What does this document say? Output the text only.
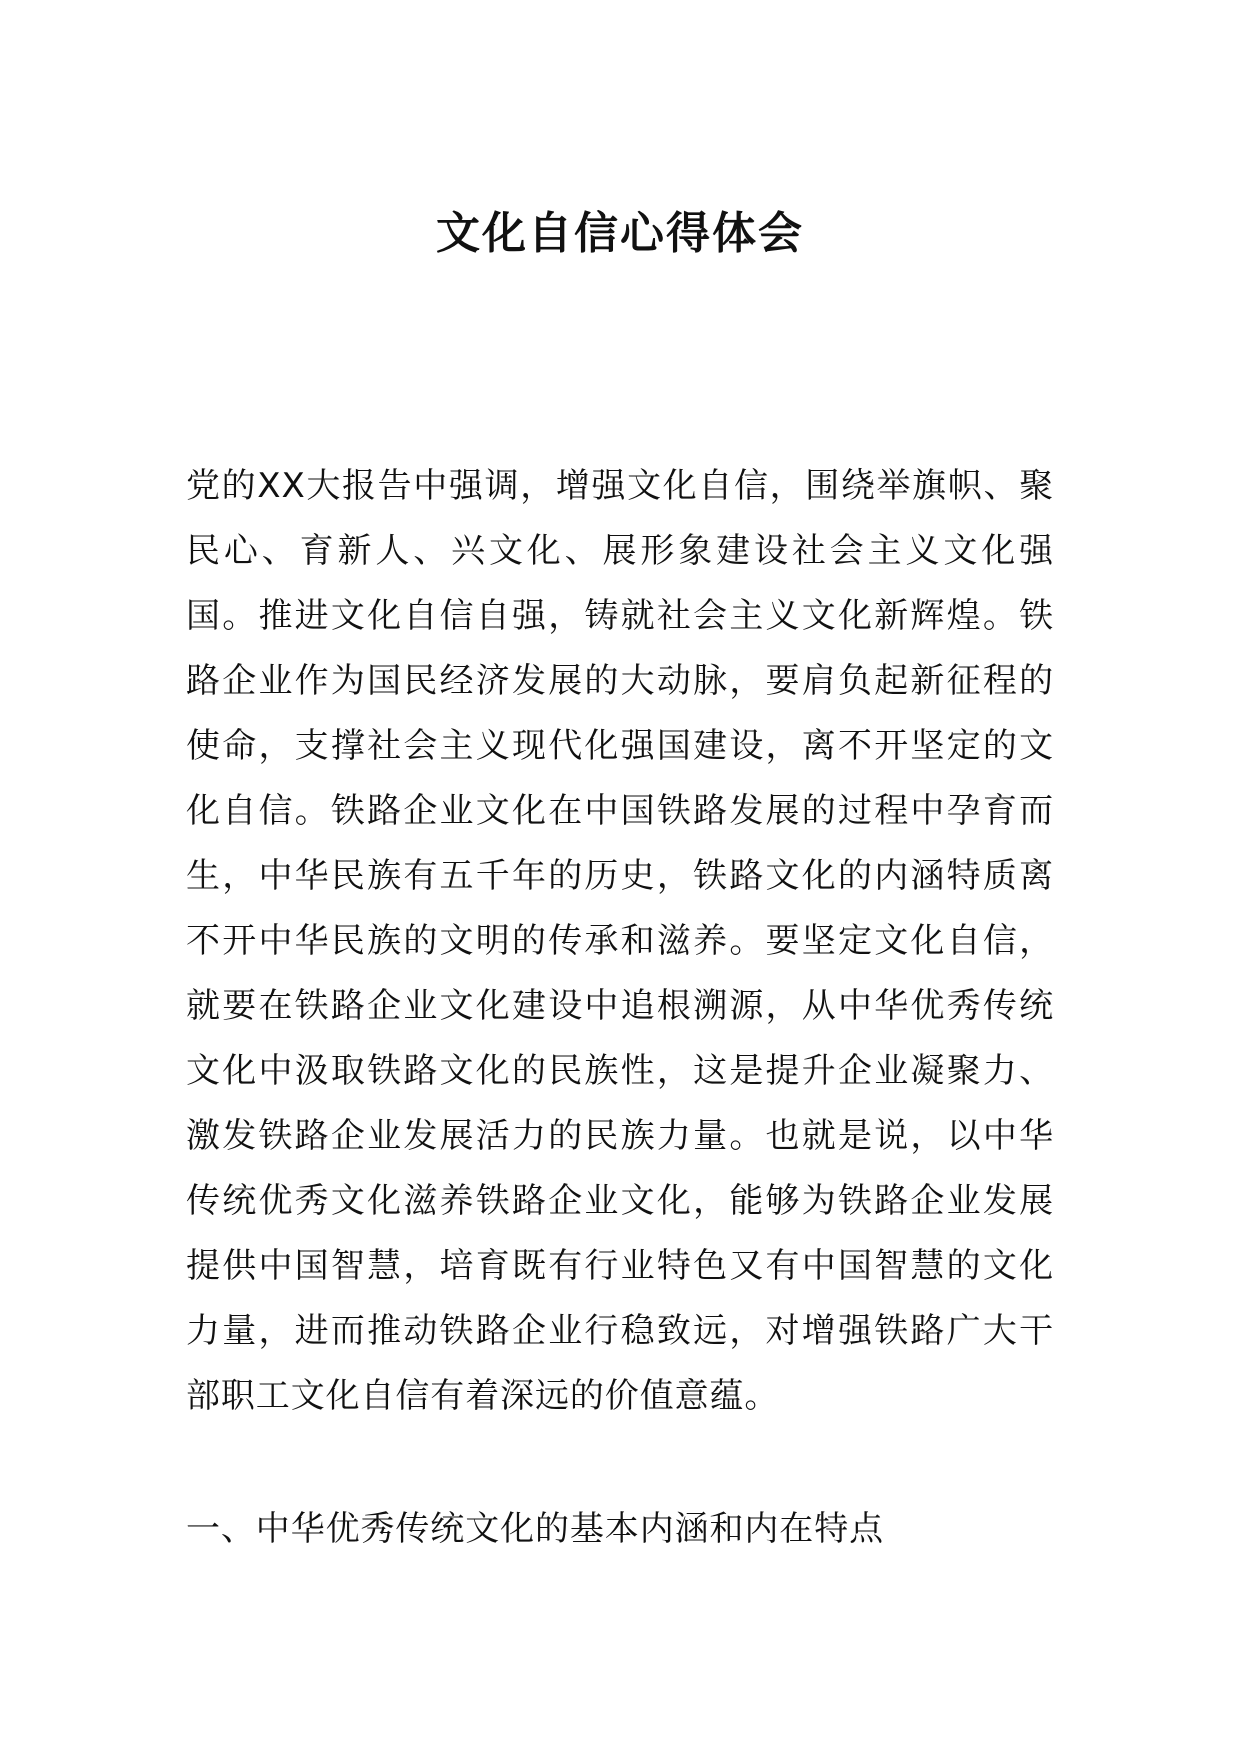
文化自信心得体会

党的XX大报告中强调，增强文化自信，围绕举旗帜、聚民心、育新人、兴文化、展形象建设社会主义文化强国。推进文化自信自强，铸就社会主义文化新辉煌。铁路企业作为国民经济发展的大动脉，要肩负起新征程的使命，支撑社会主义现代化强国建设，离不开坚定的文化自信。铁路企业文化在中国铁路发展的过程中孕育而生，中华民族有五千年的历史，铁路文化的内涵特质离不开中华民族的文明的传承和滋养。要坚定文化自信，就要在铁路企业文化建设中追根溯源，从中华优秀传统文化中汲取铁路文化的民族性，这是提升企业凝聚力、激发铁路企业发展活力的民族力量。也就是说，以中华传统优秀文化滋养铁路企业文化，能够为铁路企业发展提供中国智慧，培育既有行业特色又有中国智慧的文化力量，进而推动铁路企业行稳致远，对增强铁路广大干部职工文化自信有着深远的价值意蕴。

一、中华优秀传统文化的基本内涵和内在特点
